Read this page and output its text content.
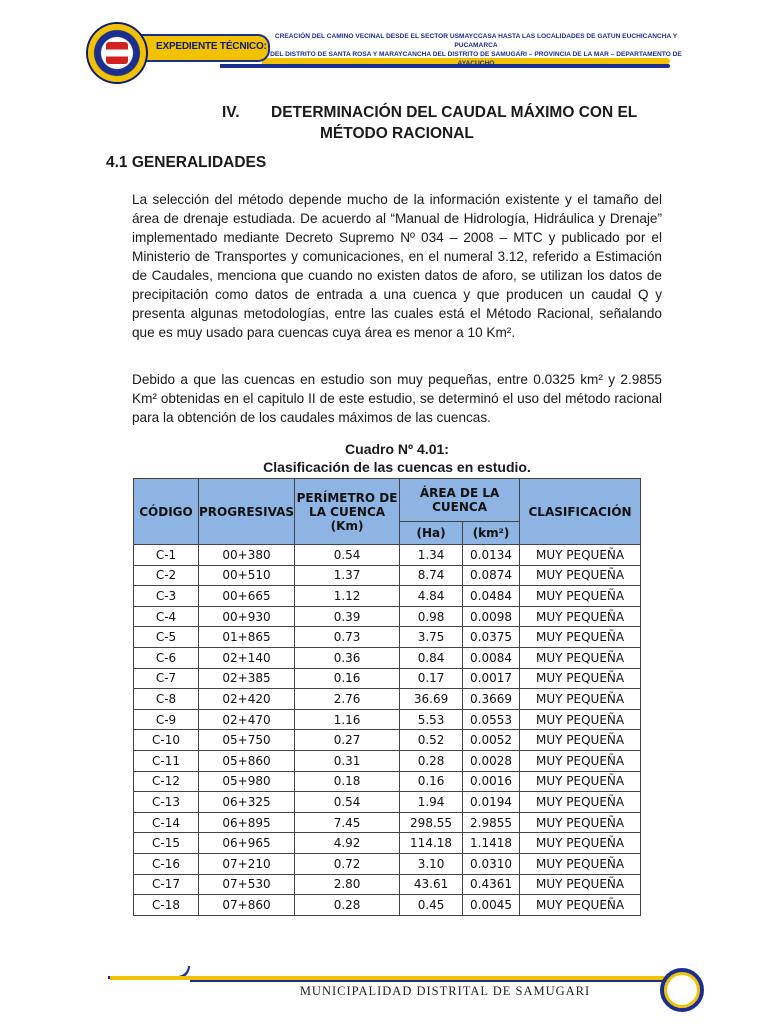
EXPEDIENTE TÉCNICO:
CREACIÓN DEL CAMINO VECINAL DESDE EL SECTOR USMAYCCASA HASTA LAS LOCALIDADES DE GATUN EUCHICANCHA Y PUCAMARCA
DEL DISTRITO DE SANTA ROSA Y MARAYCANCHA DEL DISTRITO DE SAMUGARI – PROVINCIA DE LA MAR – DEPARTAMENTO DE AYACUCHO
IV. DETERMINACIÓN DEL CAUDAL MÁXIMO CON EL
MÉTODO RACIONAL
4.1 GENERALIDADES

La selección del método depende mucho de la información existente y el tamaño del área de drenaje estudiada. De acuerdo al “Manual de Hidrología, Hidráulica y Drenaje” implementado mediante Decreto Supremo Nº 034 – 2008 – MTC y publicado por el Ministerio de Transportes y comunicaciones, en el numeral 3.12, referido a Estimación de Caudales, menciona que cuando no existen datos de aforo, se utilizan los datos de precipitación como datos de entrada a una cuenca y que producen un caudal Q y presenta algunas metodologías, entre las cuales está el Método Racional, señalando que es muy usado para cuencas cuya área es menor a 10 Km².

Debido a que las cuencas en estudio son muy pequeñas, entre 0.0325 km² y 2.9855 Km² obtenidas en el capitulo II de este estudio, se determinó el uso del método racional para la obtención de los caudales máximos de las cuencas.

Cuadro Nº 4.01:
Clasificación de las cuencas en estudio.
CÓDIGO	PROGRESIVAS	PERÍMETRO DE LA CUENCA (Km)	ÁREA DE LA CUENCA		CLASIFICACIÓN
			(Ha)	(km²)	
C-1	00+380	0.54	1.34	0.0134	MUY PEQUEÑA
C-2	00+510	1.37	8.74	0.0874	MUY PEQUEÑA
C-3	00+665	1.12	4.84	0.0484	MUY PEQUEÑA
C-4	00+930	0.39	0.98	0.0098	MUY PEQUEÑA
C-5	01+865	0.73	3.75	0.0375	MUY PEQUEÑA
C-6	02+140	0.36	0.84	0.0084	MUY PEQUEÑA
C-7	02+385	0.16	0.17	0.0017	MUY PEQUEÑA
C-8	02+420	2.76	36.69	0.3669	MUY PEQUEÑA
C-9	02+470	1.16	5.53	0.0553	MUY PEQUEÑA
C-10	05+750	0.27	0.52	0.0052	MUY PEQUEÑA
C-11	05+860	0.31	0.28	0.0028	MUY PEQUEÑA
C-12	05+980	0.18	0.16	0.0016	MUY PEQUEÑA
C-13	06+325	0.54	1.94	0.0194	MUY PEQUEÑA
C-14	06+895	7.45	298.55	2.9855	MUY PEQUEÑA
C-15	06+965	4.92	114.18	1.1418	MUY PEQUEÑA
C-16	07+210	0.72	3.10	0.0310	MUY PEQUEÑA
C-17	07+530	2.80	43.61	0.4361	MUY PEQUEÑA
C-18	07+860	0.28	0.45	0.0045	MUY PEQUEÑA
MUNICIPALIDAD DISTRITAL DE SAMUGARI
